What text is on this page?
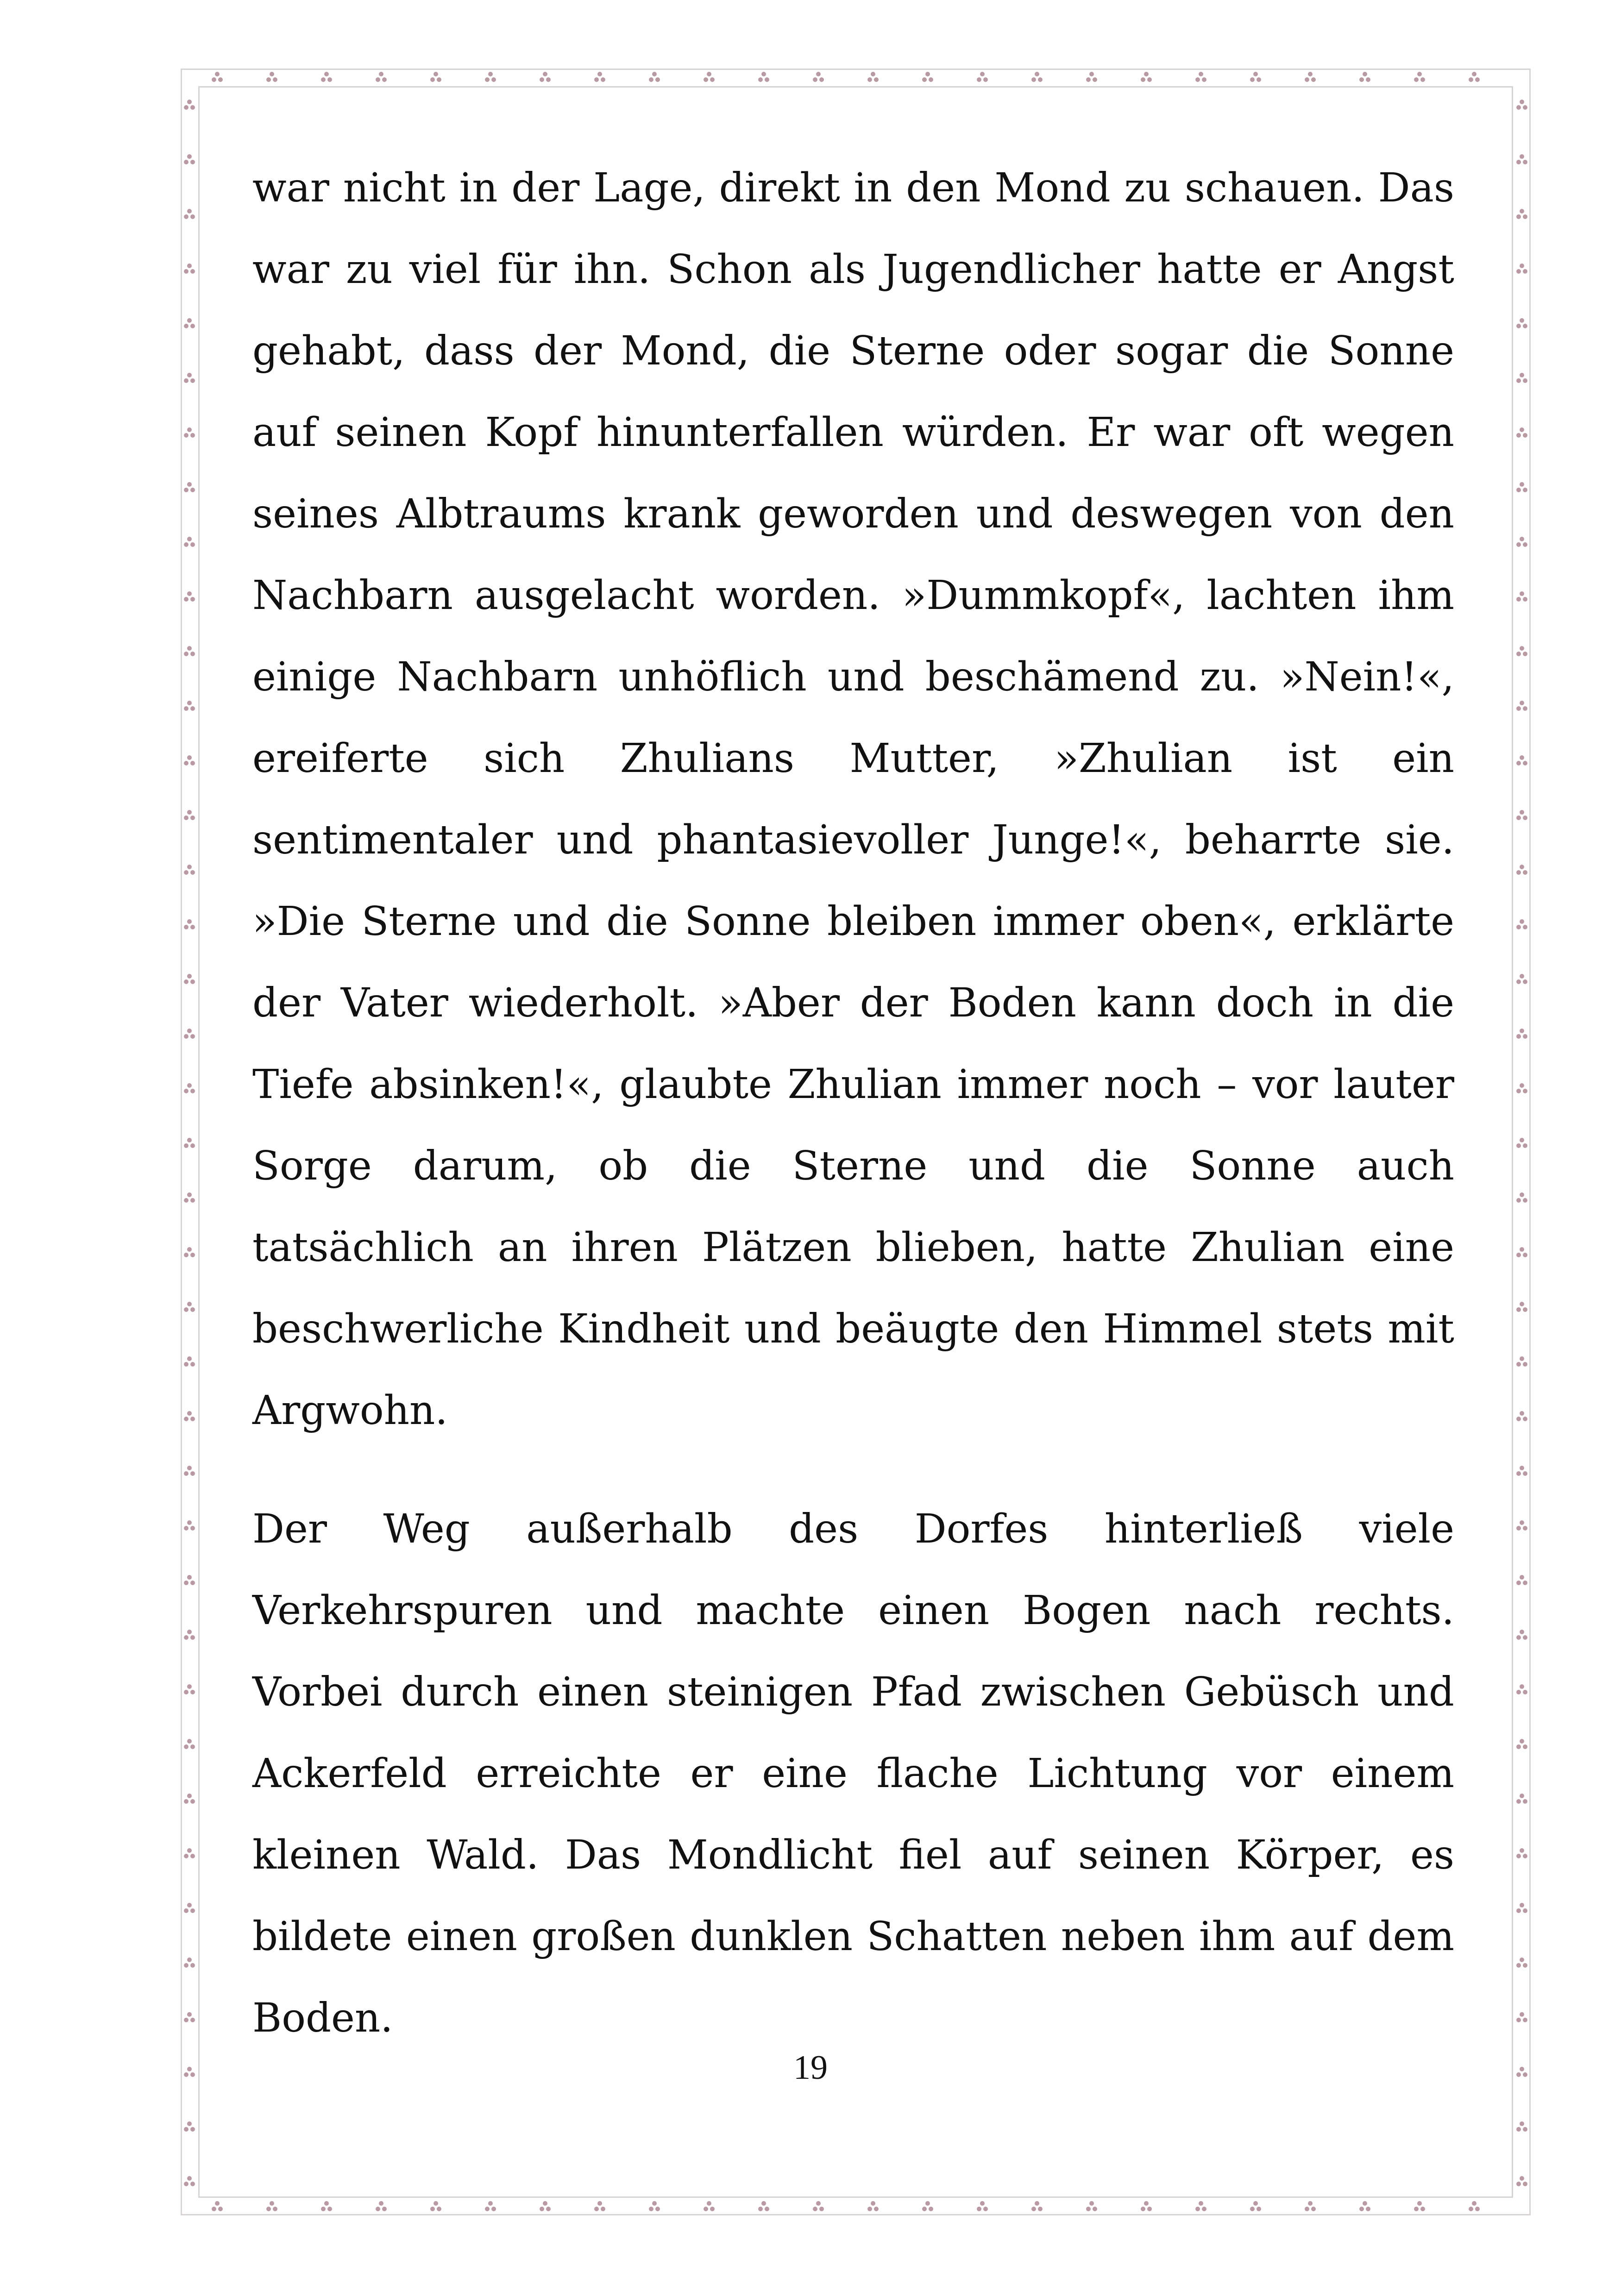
war nicht in der Lage, direkt in den Mond zu schauen. Das war zu viel für ihn. Schon als Jugendlicher hatte er Angst gehabt, dass der Mond, die Sterne oder sogar die Sonne auf seinen Kopf hinunterfallen würden. Er war oft wegen seines Albtraums krank geworden und deswegen von den Nachbarn ausgelacht worden. »Dummkopf«, lachten ihm einige Nachbarn unhöflich und beschämend zu. »Nein!«, ereiferte sich Zhulians Mutter, »Zhulian ist ein sentimentaler und phantasievoller Junge!«, beharrte sie. »Die Sterne und die Sonne bleiben immer oben«, erklärte der Vater wiederholt. »Aber der Boden kann doch in die Tiefe absinken!«, glaubte Zhulian immer noch – vor lauter Sorge darum, ob die Sterne und die Sonne auch tatsächlich an ihren Plätzen blieben, hatte Zhulian eine beschwerliche Kindheit und beäugte den Himmel stets mit Argwohn.

Der Weg außerhalb des Dorfes hinterließ viele Verkehrspuren und machte einen Bogen nach rechts. Vorbei durch einen steinigen Pfad zwischen Gebüsch und Ackerfeld erreichte er eine flache Lichtung vor einem kleinen Wald. Das Mondlicht fiel auf seinen Körper, es bildete einen großen dunklen Schatten neben ihm auf dem Boden.

19
